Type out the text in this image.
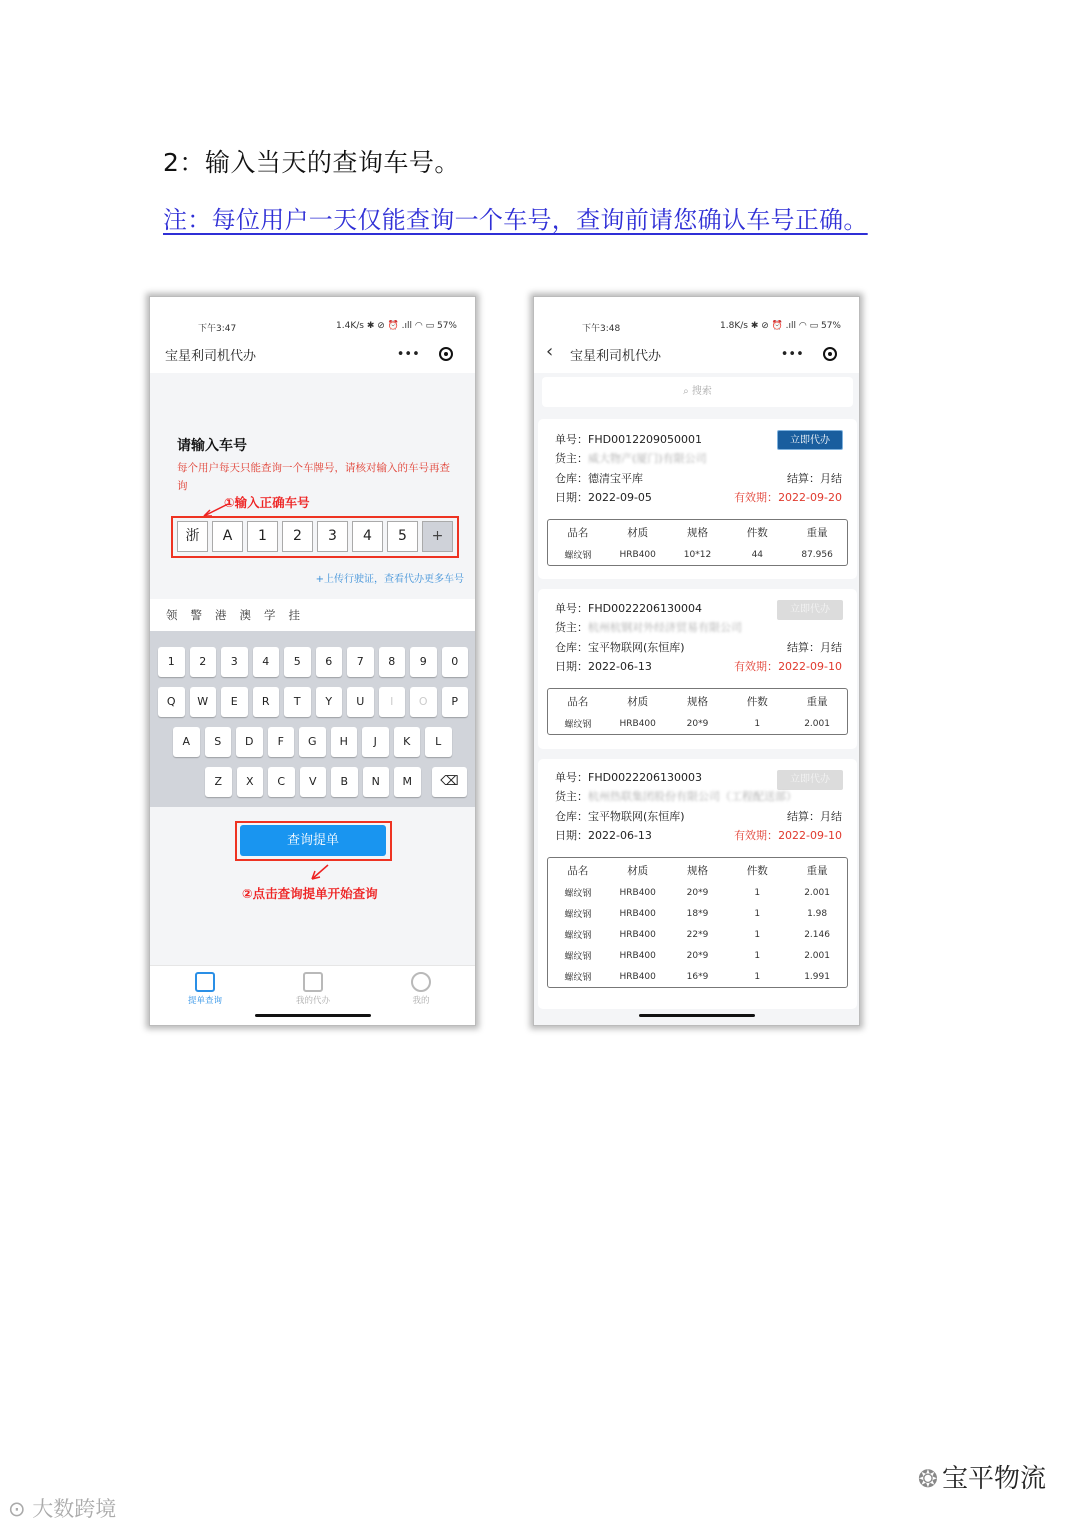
2：输入当天的查询车号。
注：每位用户一天仅能查询一个车号，查询前请您确认车号正确。
下午3:47	1.4K/s ✱ ⊘ ⏰ .ıll ◠ ▭ 57%
宝星利司机代办	•••
请输入车号
每个用户每天只能查询一个车牌号，请核对输入的车号再查询
①输入正确车号
浙	A	1	2	3	4	5	+
+上传行驶证，查看代办更多车号
领 警 港 澳 学 挂
1	2	3	4	5	6	7	8	9	0
Q	W	E	R	T	Y	U	I	O	P
A	S	D	F	G	H	J	K	L
Z	X	C	V	B	N	M	⌫
查询提单
②点击查询提单开始查询
提单查询	我的代办	我的
下午3:48	1.8K/s ✱ ⊘ ⏰ .ıll ◠ ▭ 57%
‹ 宝星利司机代办	•••
⌕ 搜索
单号：FHD0012209050001	立即代办
货主：威大物产(厦门)有限公司
仓库：德清宝平库	结算：月结
日期：2022-09-05	有效期：2022-09-20
品名	材质	规格	件数	重量
螺纹钢	HRB400	10*12	44	87.956
单号：FHD0022206130004	立即代办
货主：杭州杭钢对外经济贸易有限公司
仓库：宝平物联网(东恒库)	结算：月结
日期：2022-06-13	有效期：2022-09-10
品名	材质	规格	件数	重量
螺纹钢	HRB400	20*9	1	2.001
单号：FHD0022206130003	立即代办
货主：杭州热联集团股份有限公司（工程配送部）
仓库：宝平物联网(东恒库)	结算：月结
日期：2022-06-13	有效期：2022-09-10
品名	材质	规格	件数	重量
螺纹钢	HRB400	20*9	1	2.001
螺纹钢	HRB400	18*9	1	1.98
螺纹钢	HRB400	22*9	1	2.146
螺纹钢	HRB400	20*9	1	2.001
螺纹钢	HRB400	16*9	1	1.991
❂ 宝平物流
⊙ 大数跨境
